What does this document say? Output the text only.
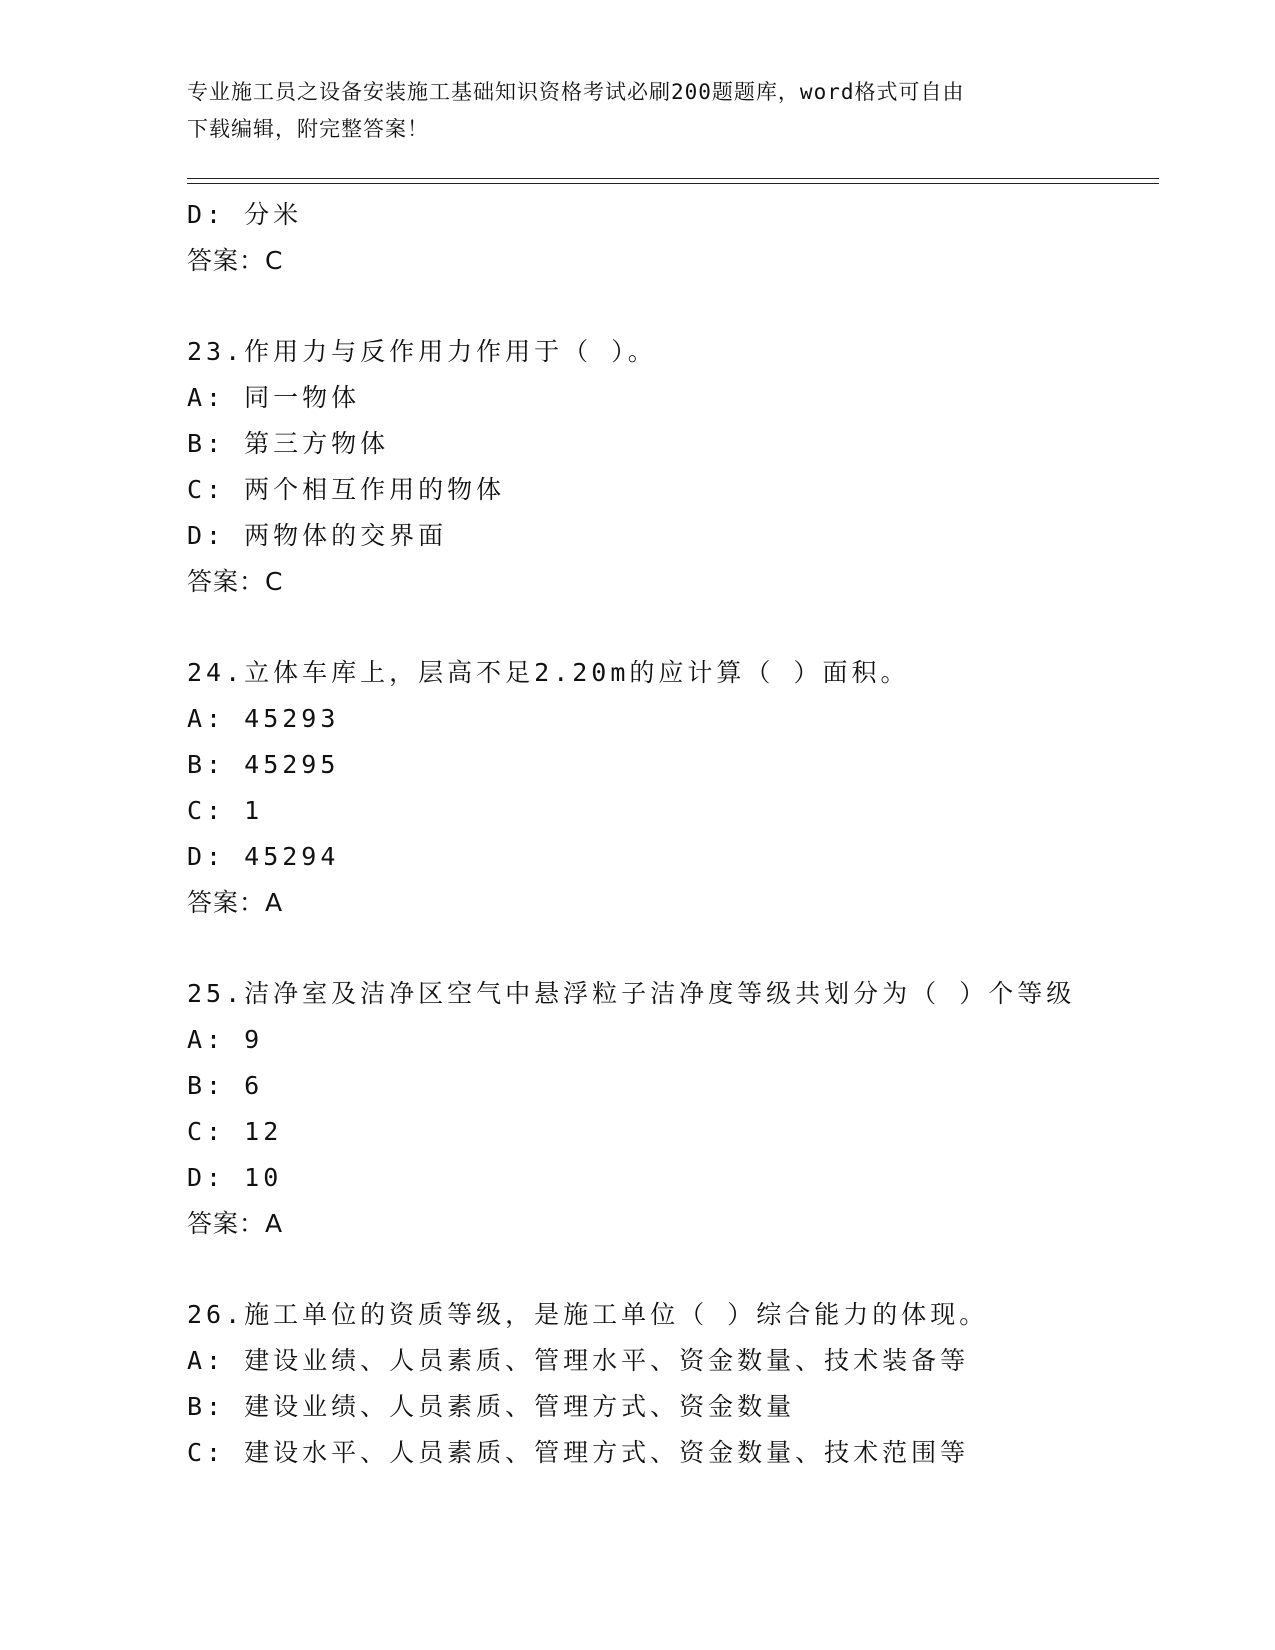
专业施工员之设备安装施工基础知识资格考试必刷200题题库，word格式可自由
下载编辑，附完整答案！
D: 分米
答案：C
23.作用力与反作用力作用于（ ）。
A: 同一物体
B: 第三方物体
C: 两个相互作用的物体
D: 两物体的交界面
答案：C
24.立体车库上，层高不足2.20m的应计算（ ）面积。
A: 45293
B: 45295
C: 1
D: 45294
答案：A
25.洁净室及洁净区空气中悬浮粒子洁净度等级共划分为（ ）个等级
A: 9
B: 6
C: 12
D: 10
答案：A
26.施工单位的资质等级，是施工单位（ ）综合能力的体现。
A: 建设业绩、人员素质、管理水平、资金数量、技术装备等
B: 建设业绩、人员素质、管理方式、资金数量
C: 建设水平、人员素质、管理方式、资金数量、技术范围等
